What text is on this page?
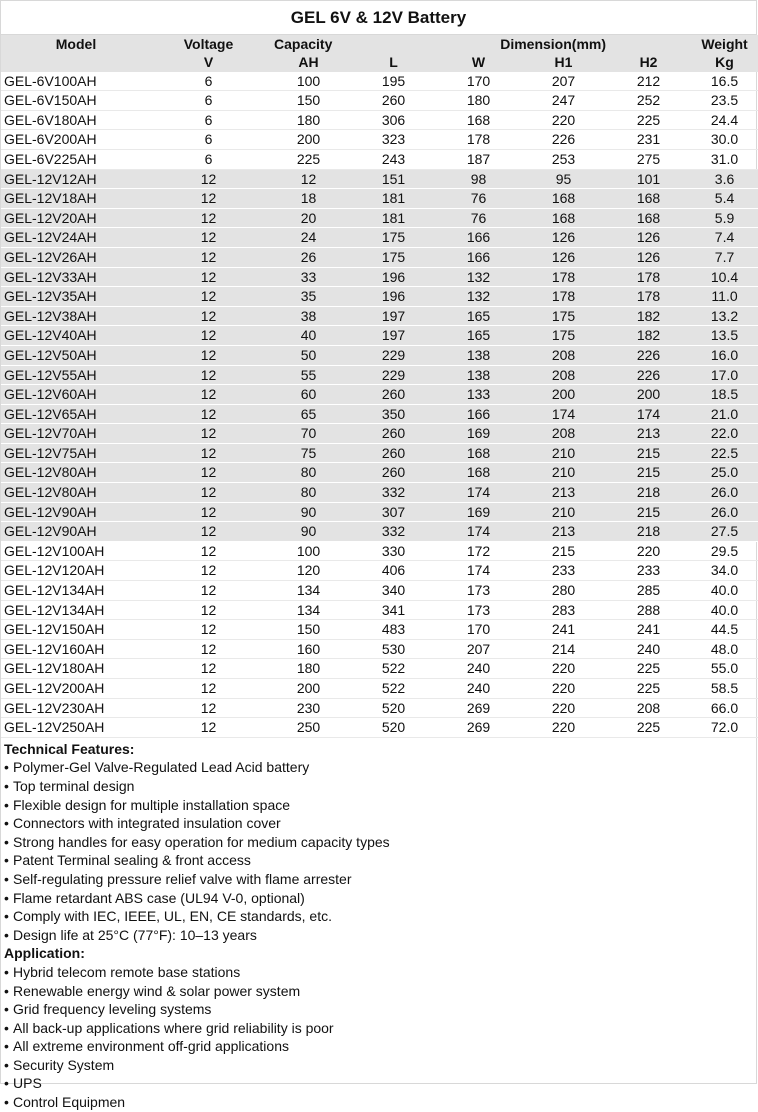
GEL 6V & 12V Battery
Model	Voltage	Capacity		Dimension(mm)			Weight
	V	AH	L	W	H1	H2	Kg
GEL-6V100AH	6	100	195	170	207	212	16.5
GEL-6V150AH	6	150	260	180	247	252	23.5
GEL-6V180AH	6	180	306	168	220	225	24.4
GEL-6V200AH	6	200	323	178	226	231	30.0
GEL-6V225AH	6	225	243	187	253	275	31.0
GEL-12V12AH	12	12	151	98	95	101	3.6
GEL-12V18AH	12	18	181	76	168	168	5.4
GEL-12V20AH	12	20	181	76	168	168	5.9
GEL-12V24AH	12	24	175	166	126	126	7.4
GEL-12V26AH	12	26	175	166	126	126	7.7
GEL-12V33AH	12	33	196	132	178	178	10.4
GEL-12V35AH	12	35	196	132	178	178	11.0
GEL-12V38AH	12	38	197	165	175	182	13.2
GEL-12V40AH	12	40	197	165	175	182	13.5
GEL-12V50AH	12	50	229	138	208	226	16.0
GEL-12V55AH	12	55	229	138	208	226	17.0
GEL-12V60AH	12	60	260	133	200	200	18.5
GEL-12V65AH	12	65	350	166	174	174	21.0
GEL-12V70AH	12	70	260	169	208	213	22.0
GEL-12V75AH	12	75	260	168	210	215	22.5
GEL-12V80AH	12	80	260	168	210	215	25.0
GEL-12V80AH	12	80	332	174	213	218	26.0
GEL-12V90AH	12	90	307	169	210	215	26.0
GEL-12V90AH	12	90	332	174	213	218	27.5
GEL-12V100AH	12	100	330	172	215	220	29.5
GEL-12V120AH	12	120	406	174	233	233	34.0
GEL-12V134AH	12	134	340	173	280	285	40.0
GEL-12V134AH	12	134	341	173	283	288	40.0
GEL-12V150AH	12	150	483	170	241	241	44.5
GEL-12V160AH	12	160	530	207	214	240	48.0
GEL-12V180AH	12	180	522	240	220	225	55.0
GEL-12V200AH	12	200	522	240	220	225	58.5
GEL-12V230AH	12	230	520	269	220	208	66.0
GEL-12V250AH	12	250	520	269	220	225	72.0
Technical Features:
• Polymer-Gel Valve-Regulated Lead Acid battery
• Top terminal design
• Flexible design for multiple installation space
• Connectors with integrated insulation cover
• Strong handles for easy operation for medium capacity types
• Patent Terminal sealing & front access
• Self-regulating pressure relief valve with flame arrester
• Flame retardant ABS case (UL94 V-0, optional)
• Comply with IEC, IEEE, UL, EN, CE standards, etc.
• Design life at 25°C (77°F): 10–13 years
Application:
• Hybrid telecom remote base stations
• Renewable energy wind & solar power system
• Grid frequency leveling systems
• All back-up applications where grid reliability is poor
• All extreme environment off-grid applications
• Security System
• UPS
• Control Equipmen
